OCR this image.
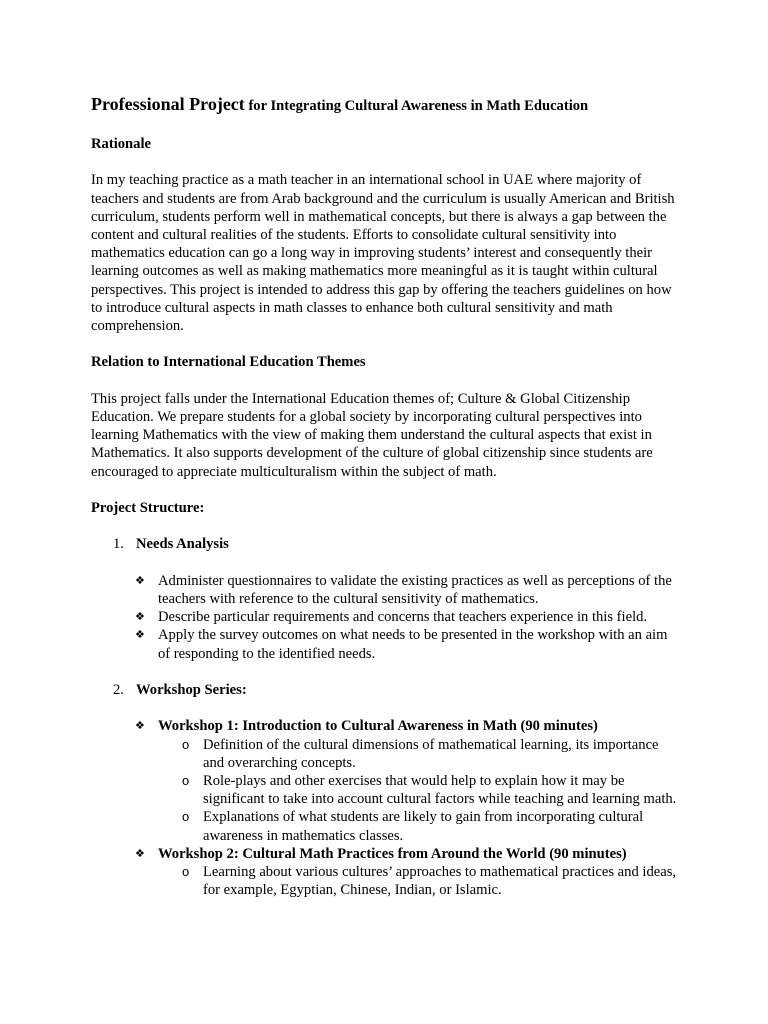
Professional Project for Integrating Cultural Awareness in Math Education
Rationale

In my teaching practice as a math teacher in an international school in UAE where majority of teachers and students are from Arab background and the curriculum is usually American and British curriculum, students perform well in mathematical concepts, but there is always a gap between the content and cultural realities of the students. Efforts to consolidate cultural sensitivity into mathematics education can go a long way in improving students’ interest and consequently their learning outcomes as well as making mathematics more meaningful as it is taught within cultural perspectives. This project is intended to address this gap by offering the teachers guidelines on how to introduce cultural aspects in math classes to enhance both cultural sensitivity and math comprehension.

Relation to International Education Themes

This project falls under the International Education themes of; Culture & Global Citizenship Education. We prepare students for a global society by incorporating cultural perspectives into learning Mathematics with the view of making them understand the cultural aspects that exist in Mathematics. It also supports development of the culture of global citizenship since students are encouraged to appreciate multiculturalism within the subject of math.

Project Structure:
1. Needs Analysis
❖ Administer questionnaires to validate the existing practices as well as perceptions of the teachers with reference to the cultural sensitivity of mathematics.
❖ Describe particular requirements and concerns that teachers experience in this field.
❖ Apply the survey outcomes on what needs to be presented in the workshop with an aim of responding to the identified needs.
2. Workshop Series:
❖ Workshop 1: Introduction to Cultural Awareness in Math (90 minutes)
o Definition of the cultural dimensions of mathematical learning, its importance and overarching concepts.
o Role-plays and other exercises that would help to explain how it may be significant to take into account cultural factors while teaching and learning math.
o Explanations of what students are likely to gain from incorporating cultural awareness in mathematics classes.
❖ Workshop 2: Cultural Math Practices from Around the World (90 minutes)
o Learning about various cultures’ approaches to mathematical practices and ideas, for example, Egyptian, Chinese, Indian, or Islamic.
